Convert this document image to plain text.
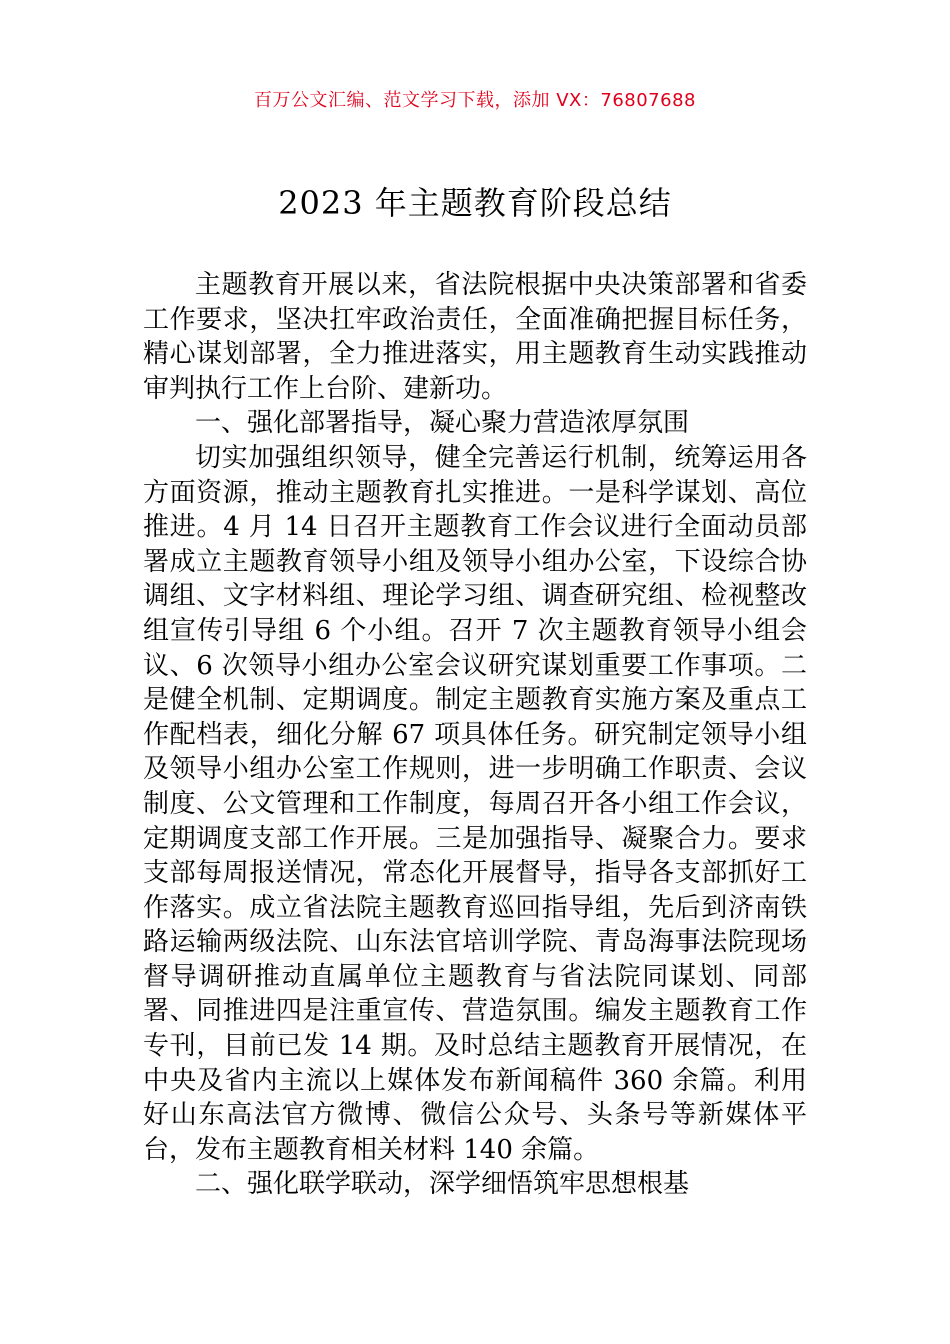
百万公文汇编、范文学习下载，添加 VX：76807688
2023 年主题教育阶段总结

主题教育开展以来，省法院根据中央决策部署和省委工作要求，坚决扛牢政治责任，全面准确把握目标任务，精心谋划部署，全力推进落实，用主题教育生动实践推动审判执行工作上台阶、建新功。

一、强化部署指导，凝心聚力营造浓厚氛围

切实加强组织领导，健全完善运行机制，统筹运用各方面资源，推动主题教育扎实推进。一是科学谋划、高位推进。4 月 14 日召开主题教育工作会议进行全面动员部署成立主题教育领导小组及领导小组办公室，下设综合协调组、文字材料组、理论学习组、调查研究组、检视整改组宣传引导组 6 个小组。召开 7 次主题教育领导小组会议、6 次领导小组办公室会议研究谋划重要工作事项。二是健全机制、定期调度。制定主题教育实施方案及重点工作配档表，细化分解 67 项具体任务。研究制定领导小组及领导小组办公室工作规则，进一步明确工作职责、会议制度、公文管理和工作制度，每周召开各小组工作会议，定期调度支部工作开展。三是加强指导、凝聚合力。要求支部每周报送情况，常态化开展督导，指导各支部抓好工作落实。成立省法院主题教育巡回指导组，先后到济南铁路运输两级法院、山东法官培训学院、青岛海事法院现场督导调研推动直属单位主题教育与省法院同谋划、同部署、同推进四是注重宣传、营造氛围。编发主题教育工作专刊，目前已发 14 期。及时总结主题教育开展情况，在中央及省内主流以上媒体发布新闻稿件 360 余篇。利用好山东高法官方微博、微信公众号、头条号等新媒体平台，发布主题教育相关材料 140 余篇。

二、强化联学联动，深学细悟筑牢思想根基
